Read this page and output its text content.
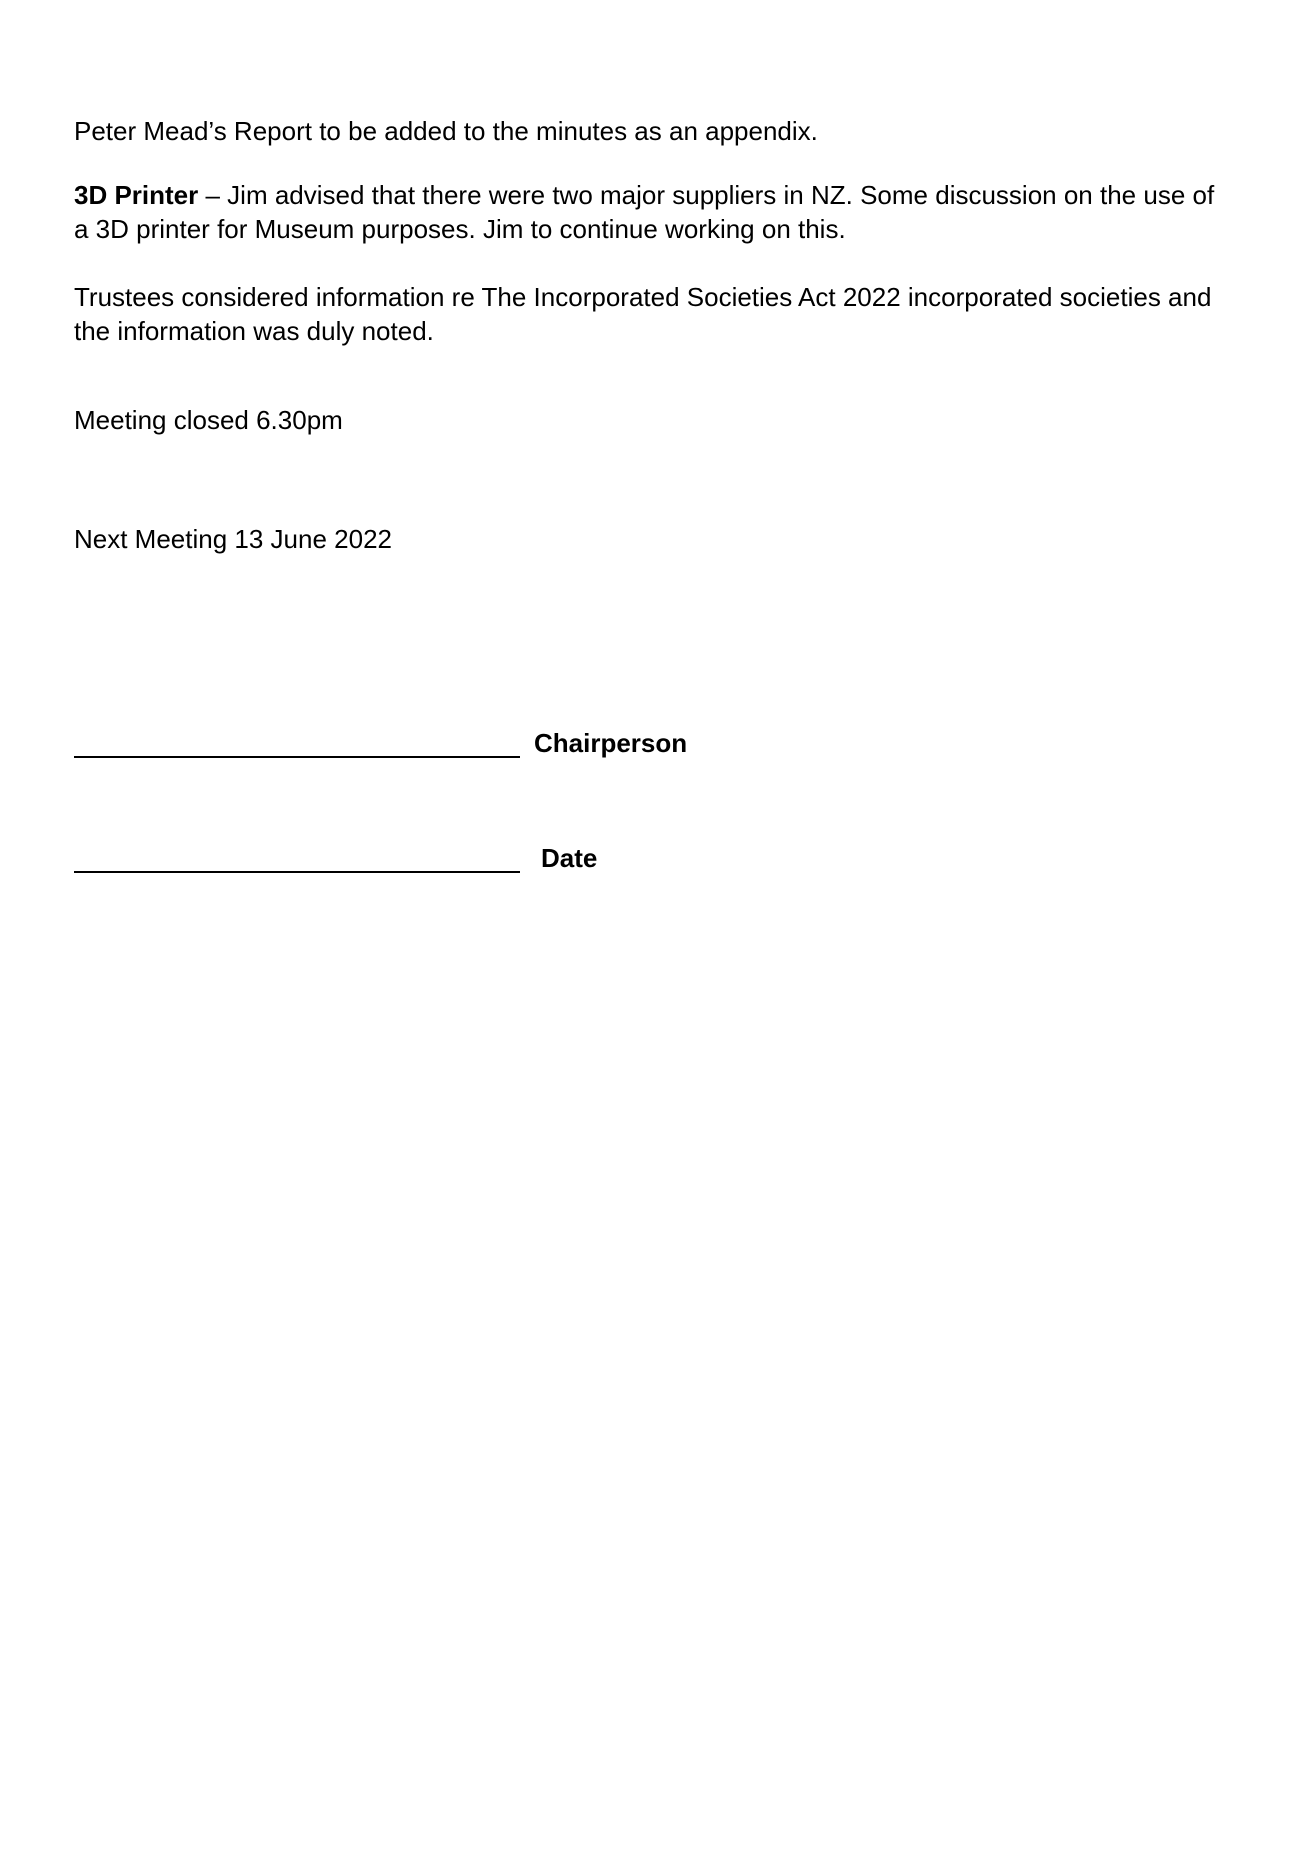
Peter Mead’s Report to be added to the minutes as an appendix.

3D Printer – Jim advised that there were two major suppliers in NZ. Some discussion on the use of a 3D printer for Museum purposes. Jim to continue working on this.

Trustees considered information re The Incorporated Societies Act 2022 incorporated societies and the information was duly noted.

Meeting closed 6.30pm

Next Meeting 13 June 2022

Chairperson
Date
